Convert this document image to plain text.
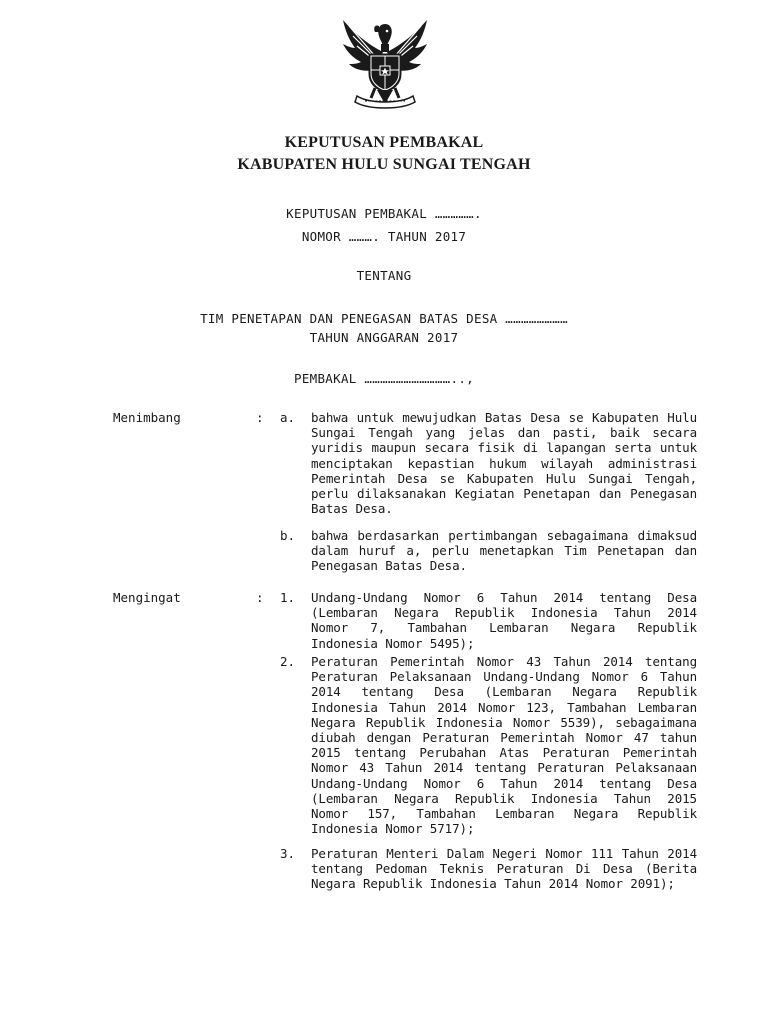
KEPUTUSAN PEMBAKAL
KABUPATEN HULU SUNGAI TENGAH
KEPUTUSAN PEMBAKAL …………….
NOMOR ………. TAHUN 2017
TENTANG
TIM PENETAPAN DAN PENEGASAN BATAS DESA ……………………
TAHUN ANGGARAN 2017
PEMBAKAL ……………………………..,
Menimbang	: a. bahwa untuk mewujudkan Batas Desa se Kabupaten Hulu Sungai Tengah yang jelas dan pasti, baik secara yuridis maupun secara fisik di lapangan serta untuk menciptakan kepastian hukum wilayah administrasi Pemerintah Desa se Kabupaten Hulu Sungai Tengah, perlu dilaksanakan Kegiatan Penetapan dan Penegasan Batas Desa.

b. bahwa berdasarkan pertimbangan sebagaimana dimaksud dalam huruf a, perlu menetapkan Tim Penetapan dan Penegasan Batas Desa.

Mengingat	: 1. Undang-Undang Nomor 6 Tahun 2014 tentang Desa (Lembaran Negara Republik Indonesia Tahun 2014 Nomor 7, Tambahan Lembaran Negara Republik Indonesia Nomor 5495);

2. Peraturan Pemerintah Nomor 43 Tahun 2014 tentang Peraturan Pelaksanaan Undang-Undang Nomor 6 Tahun 2014 tentang Desa (Lembaran Negara Republik Indonesia Tahun 2014 Nomor 123, Tambahan Lembaran Negara Republik Indonesia Nomor 5539), sebagaimana diubah dengan Peraturan Pemerintah Nomor 47 tahun 2015 tentang Perubahan Atas Peraturan Pemerintah Nomor 43 Tahun 2014 tentang Peraturan Pelaksanaan Undang-Undang Nomor 6 Tahun 2014 tentang Desa (Lembaran Negara Republik Indonesia Tahun 2015 Nomor 157, Tambahan Lembaran Negara Republik Indonesia Nomor 5717);

3. Peraturan Menteri Dalam Negeri Nomor 111 Tahun 2014 tentang Pedoman Teknis Peraturan Di Desa (Berita Negara Republik Indonesia Tahun 2014 Nomor 2091);
